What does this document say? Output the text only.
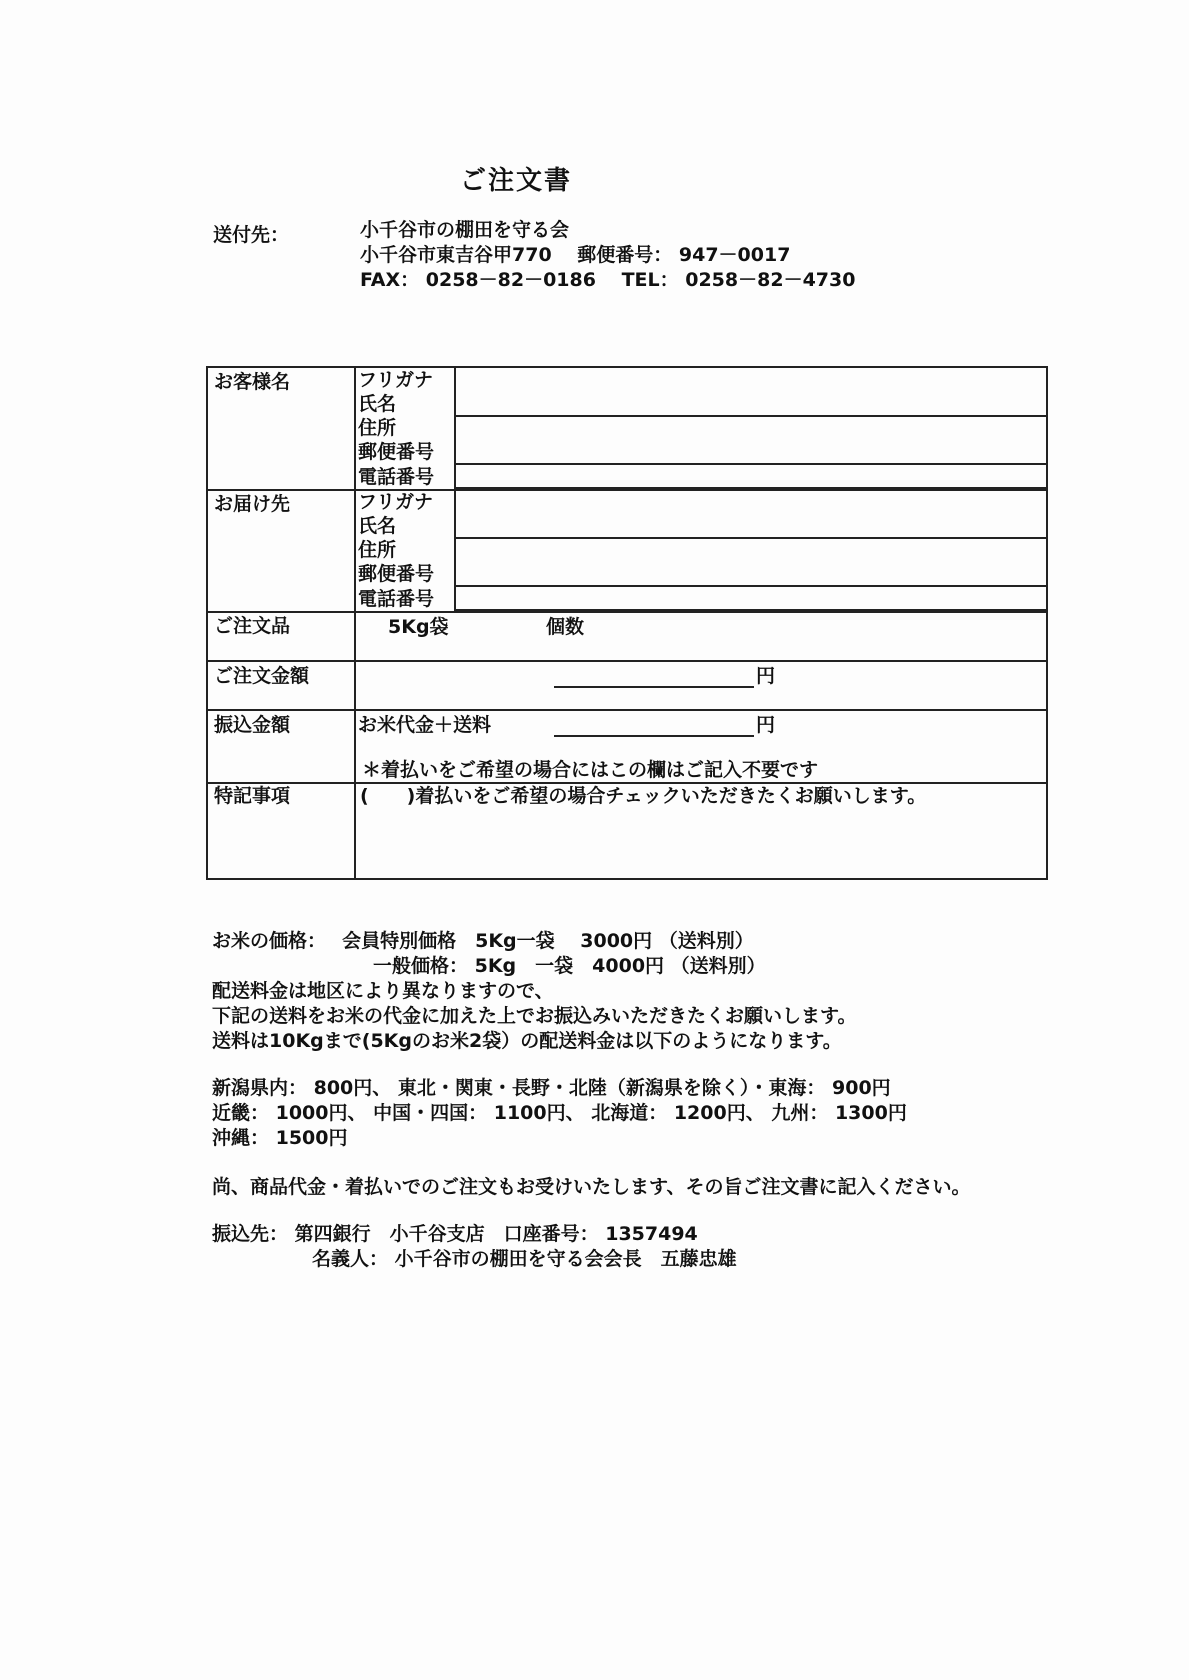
ご注文書
送付先：	小千谷市の棚田を守る会
小千谷市東吉谷甲770　 郵便番号： 947－0017
FAX： 0258－82－0186　 TEL： 0258－82－4730
お客様名	フリガナ
氏名
住所
郵便番号
電話番号
お届け先	フリガナ
氏名
住所
郵便番号
電話番号
ご注文品	5Kg袋	個数
ご注文金額	円
振込金額	お米代金＋送料	円
＊着払いをご希望の場合にはこの欄はご記入不要です
特記事項	(　　)着払いをご希望の場合チェックいただきたくお願いします。
お米の価格：　 会員特別価格　5Kg一袋　 3000円 （送料別）
一般価格： 5Kg　一袋　4000円 （送料別）
配送料金は地区により異なりますので、
下記の送料をお米の代金に加えた上でお振込みいただきたくお願いします。
送料は10Kgまで(5Kgのお米2袋）の配送料金は以下のようになります。
新潟県内： 800円、 東北・関東・長野・北陸（新潟県を除く）・東海： 900円
近畿： 1000円、 中国・四国： 1100円、 北海道： 1200円、 九州： 1300円
沖縄： 1500円
尚、商品代金・着払いでのご注文もお受けいたします、その旨ご注文書に記入ください。
振込先： 第四銀行　小千谷支店　口座番号： 1357494
名義人： 小千谷市の棚田を守る会会長　五藤忠雄
